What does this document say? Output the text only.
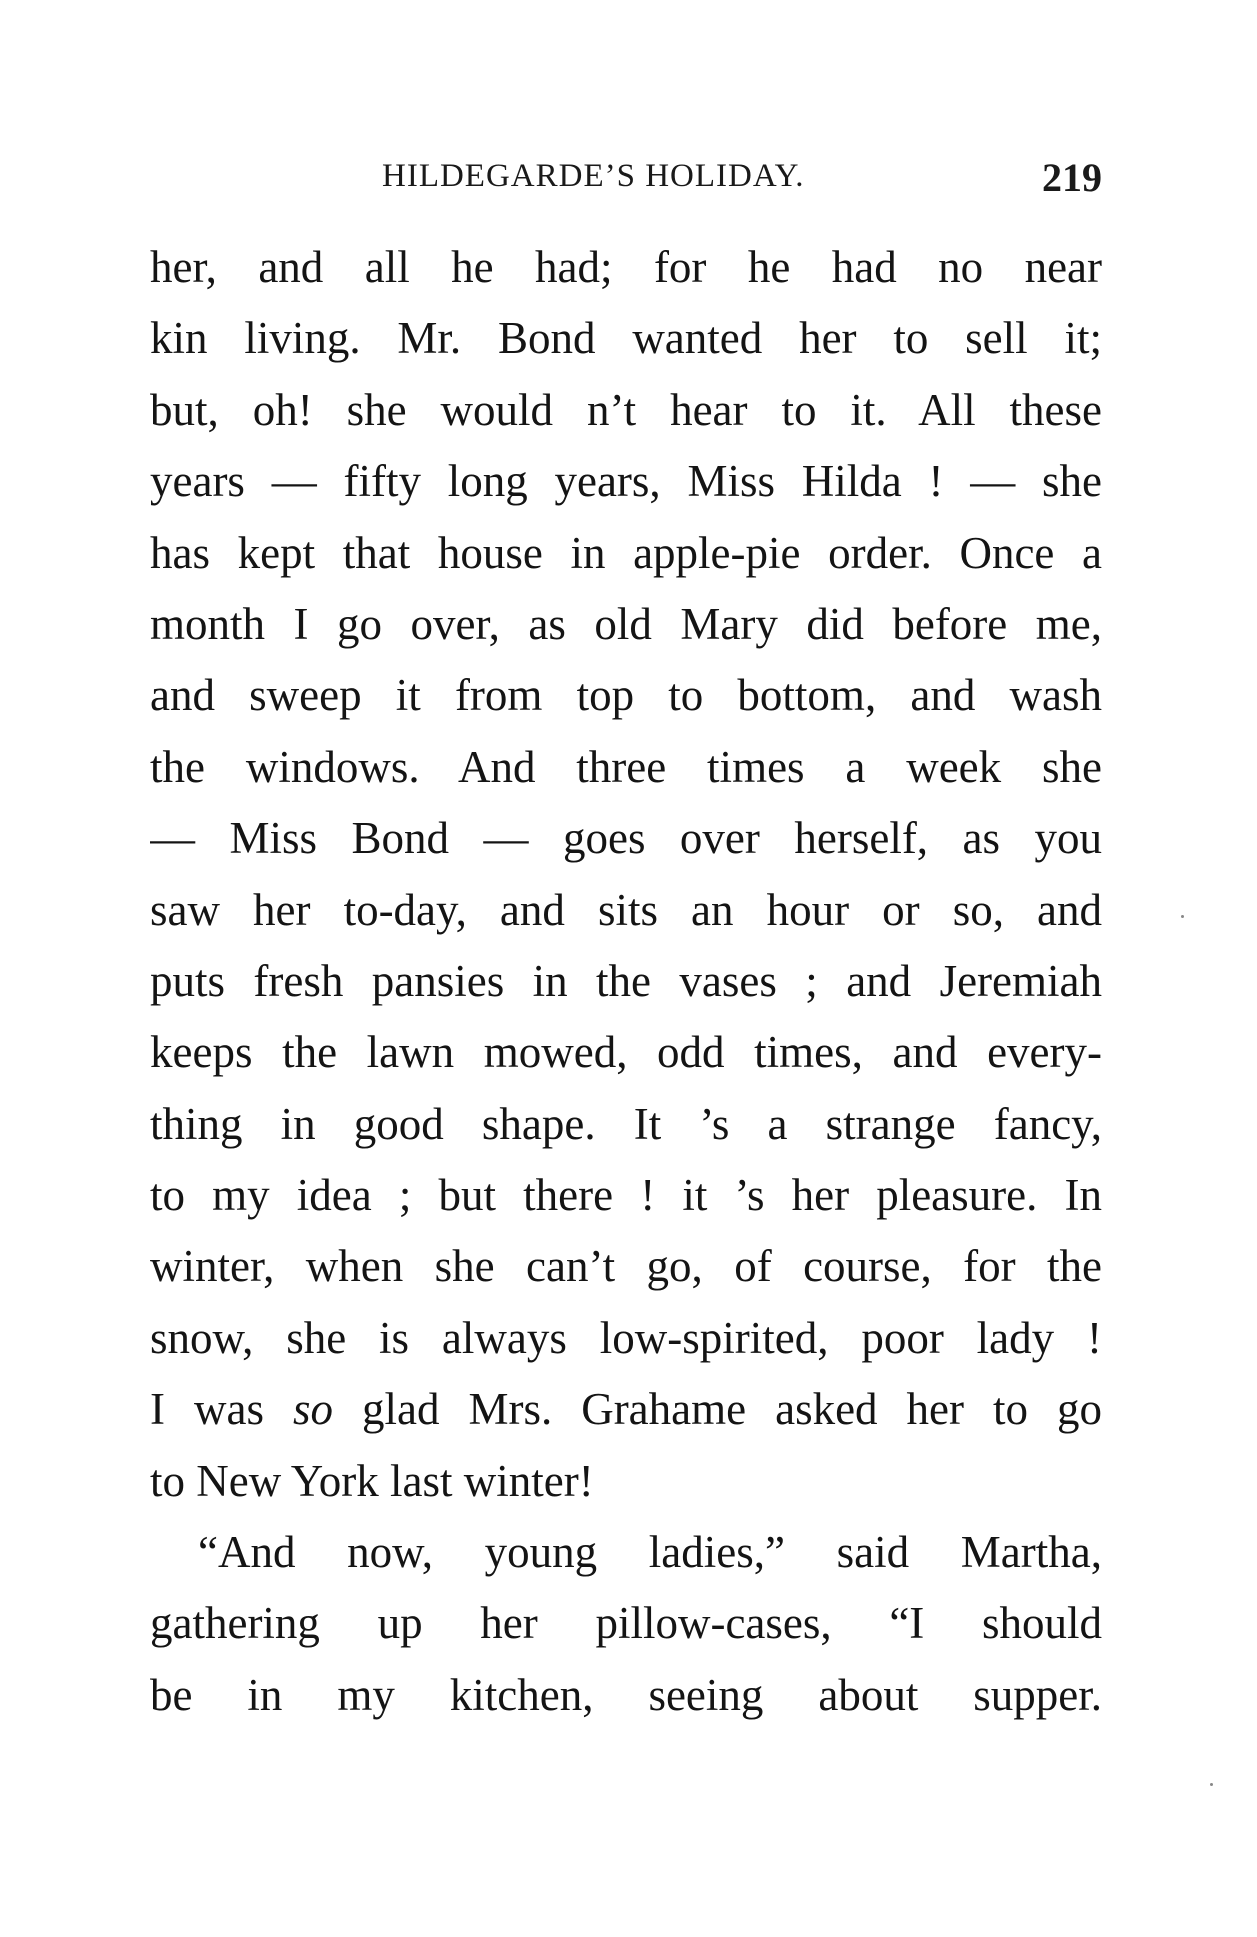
HILDEGARDE’S HOLIDAY.	219
her, and all he had; for he had no near
kin living. Mr. Bond wanted her to sell it;
but, oh! she would n’t hear to it. All these
years — fifty long years, Miss Hilda ! — she
has kept that house in apple-pie order. Once a
month I go over, as old Mary did before me,
and sweep it from top to bottom, and wash
the windows. And three times a week she
— Miss Bond — goes over herself, as you
saw her to-day, and sits an hour or so, and
puts fresh pansies in the vases ; and Jeremiah
keeps the lawn mowed, odd times, and every-
thing in good shape. It ’s a strange fancy,
to my idea ; but there ! it ’s her pleasure. In
winter, when she can’t go, of course, for the
snow, she is always low-spirited, poor lady !
I was so glad Mrs. Grahame asked her to go
to New York last winter!
“And now, young ladies,” said Martha,
gathering up her pillow-cases, “I should
be in my kitchen, seeing about supper.
